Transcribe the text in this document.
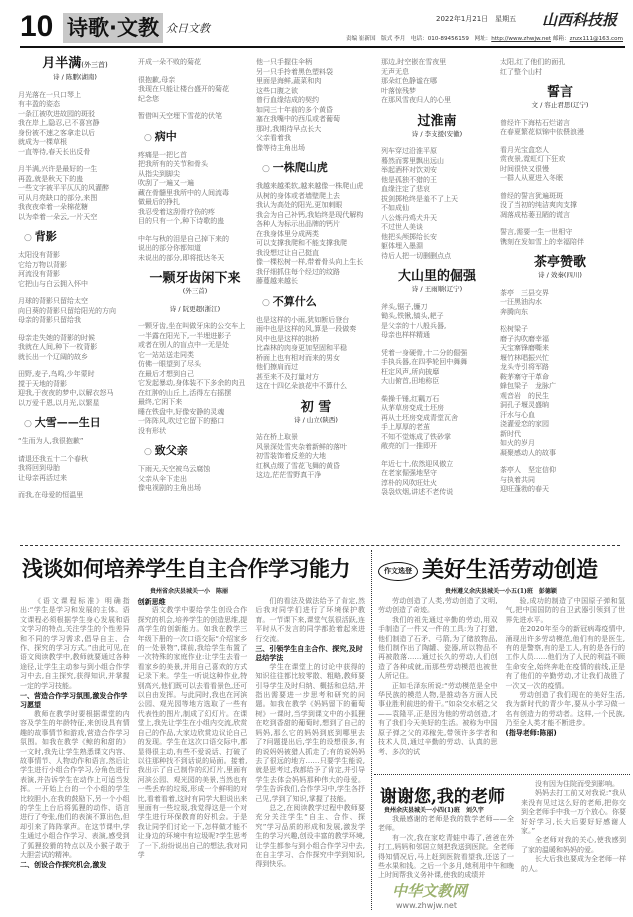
10 诗歌·文教 众日文教
2022年1月21日　星期五 山西科技报
责编 崔新国　版式 李月　电话：010-89456159　网址：http://www.zhwjw.net 邮箱：znzx111@163.com

月半满(外三首)

诗 / 陈鹏(湖南)

月光落在一只口琴上
有丰盈的姿态
一条江被吹进故园的斑驳
我在岸上,隐忍,已不喜宫静
身份被不速之客拿走以后
就成为一棵草根
一直等待,春天长出反骨

月半满,兴许是最好的一生
再盈,就是秋天下的蛊
一些文字被平平仄仄的风灌醉
可从月亮缺口的部分,来图
我夜夜牵着一朵棉花糖
以为牵着一朵云,一片天空

○ 背影

太阳没有背影
它给万物以背影
河流没有背影
它把山与白云拥入怀中

月球的背影只留给太空
向日葵的背影只留给阳光的方向
母亲的背影只留给我

母亲走失她的背影的时候
我就在人间,种下一枚背影
就长出一个辽阔的故乡

田野,麦子,鸟鸣,少年蒙时
搅于天地的背影
迎我,于夜夜的梦中,以解衣怒马
以万爱千恩,以月光,以繁星

○ 大雪——生日

“生而为人,我很抱歉”

请退还我五十二个春秋
我将回到母胎
让母亲再活过来

而我,在母爱的恒温里

开成一朵不败的菊花

很抱歉,母亲
我现在只能让楼台盛开的菊花
纪念您

暂借叫天空埋下雪花的伏笔

○ 病中

疼痛是一把匕首
把我所有的关节和骨头
从指尖到脚尖
吹刮了一遍又一遍
藏在骨髓里我所中的人间流毒
做最后的挣扎
我忍受着这刮骨疗伤的疼
目的只有一个,种下诗歌的蛊

中年与秋的泪是自己掉下来的
说出的部分你都知道
未说出的部分,即将抵达冬天

一颗牙齿闲下来

(外三首)

诗 / 阮更超(浙江)

一颗牙齿,坐在叫做牙床的公交车上
一半露在阳光下,一半埋进影子
或者在别人的盲点中一无是处
它一站站送走同类
仿佛一眼望到了尽头
在最后才想到自己
它发起暴动,身体装不下多余的肉丑
在红肿的山丘上,活得左右摇摆
最终,它闲下来
睡在铁盘中,好像安静的灵魂
一阵阵风,吹过它留下的豁口
没有形状

○ 致父亲

下雨天,天空被乌云腐蚀
父亲从伞下走出
像电视剧的主角出场

他一只手握住伞柄
另一只手拎着黑色塑料袋
里面是海鲜,蔬菜和肉
这些口腹之欲
曾行血缘结成的契约
如同三十年前的多个黄昏
塞在我嘴中的西瓜或者葡萄
那时,我期待早点长大
父亲看着我
像等待主角出场

○ 一株爬山虎

我越来越柔软,越来越像一株爬山虎
从树的身体或者墙壁爬上去
我认为高处的阳光,更加刺眼
我会为自己补钙,我始终是现代解构
各种人为标示出品牌的钙片
在我身体里分成两类
可以支撑我爬和不能支撑我爬
我没想过让自己挺直
像一棵松树一样,带着骨头向上生长
我仔细抓住每个经过的纹路
藤蔓越来越长

○ 不算什么

也是这样的小雨,犹如断后登台
雨中也是这样的风,算是一段做奏
风中也是这样的拱桥
比森林的肉身更加坚固和平稳
桥面上也有相对而来的男女
他们擦肩而过
甚至来不及打量对方
这在十四亿朵浪花中不算什么

初 雪

诗 / 山立(陕西)

站在桥上取景
风景深处雪夹杂着新鲜的落叶
初雪装饰着反差的大地
红枫点缀了雪花飞舞的黄昏
这边,茫茫雪野真干净

那边,时空嵌在雪夜里
无声无息
那朵红色静谧在哪
叶落惊残梦
在那风雪夜归人的心里

过淮南

诗 / 李支援(安徽)

列车穿过沿淮平原
蓦然而雾里飘出远山
举起酒杯对饮刘安
他是孤独不猎的王
血缘注定了悲哀
拔剑掷枪终是羞不了上天
不如成仙
八公炼丹鸡犬升天
不过世人美谈
他把头颅掷给长安
躯体埋入墨淵
待后人把一切删删点点

大山里的倔强

诗 / 王雨顺(辽宁)

斧头,锯子,镰刀
锄头,铁锹,镐头,耙子
是父亲的十八般兵器,
母亲也样样精通

凭着一身硬骨,十二分的倔强
手执兵器,在四季轮回中舞舞
枉定风声,所向披靡
大山俯首,田地称臣

柴操千锤,红瓤万石
从茅草房变成土坯房
再从土坯房变成青堂瓦舍
手上厚厚的老茧
不知不觉炼成了铁砂掌
敞亮的门一推即开

年近七十,依然迎风傲立
在老家倔强地坚守
淳朴的风吹旺灶火
袅袅炊烟,讲述不老传说

太阳,红了他们的面孔
红了整个山村

誓言

文 / 容止君思(辽宁)

曾经许下海枯石烂诺言
在春夏繁花似锦中依偎浪漫

看月光宝盒恋人
赏夜景,霓虹灯下狂欢
时间很快又很慢
一群人从夏进入冬眠

曾经的誓言犹遍斑斑
没了当初的纯洁爽肉支撑
凋落成枯萎丑陋的谎言

誓言,需要一生一世相守
镌刻在发如雪上的幸福陪伴

茶亭赞歌

诗 / 效秦(四川)

茶亭　三县交界
一汪黑油沟水
奔腾向东

松树梁子
磨子沟吹磨幸福
天宝寨锋磨嘶来
堰竹林唱振兴忙
龙头寺引将军路
鞍茅寨守干革命
蜂包梁子　龙脉广
观音岩　的民生
洞孔子堰灵盛晌
汗水与心血
浇灌爱恋的家园
新时代
如火的岁月
凝聚感动人的故事

茶亭人　坚定信仰
与执着共同
迎旺蓬勃的春天

浅谈如何培养学生自主合作学习能力
贵州省余庆县城关一小　陈丽

《语文课程标准》明确指出:“学生是学习和发展的主体。语文课程必须根据学生身心发展和语文学习的特点,关注学生的个性差异和不同的学习需求,倡导自主、合作、探究的学习方式。”由此可见,在语文阅读教学中,教师就要通过各种途径,让学生主动参与到小组合作学习中去,自主探究,获得知识,并掌握一定的学习技能。

一、营造合作学习氛围,激发合作学习愿望

教师在教学时要根据课堂的内容及学生的年龄特征,来创设具有情趣的故事情节和游戏,营造合作学习氛围。如我在教学《鲸的和甜的》一文时,我先让学生熟悉课文内容、故事情节、人物动作和语言,然后让学生进行小组合作学习,分角色进行表演,并告诉学生在动作上可适当发挥。一开始上台的一个小组的学生比较胆小,在我的鼓励下,另一个小组的学生上台后将狐狸的动作、语言进行了夸张,他们的表演不算出色,但却引来了阵阵掌声。在这节课中,学生通过小组合作学习、表演,感受到了狐狸狡猾的特点以及小猴子敢于大胆尝试的精神。

二、创设合作探究机会,激发
创新思维

语文教学中要给学生创设合作探究的机会,培养学生的创造思维,提高学生的创新能力。如我在教学三年级下册的一次口语交际“介绍家乡的一处景物”,课前,我给学生布置了一次特殊的家庭作业:让学生去看一看家乡的美景,并用自己喜欢的方式记录下来。学生一听说这种作业,特别高兴,他们既可以去看看景色,还可以自由发挥。与此同时,我也在河滨公园、观光园等地方选取了一些有代表性的图片,制成了幻灯片。在课堂上,我先让学生在小组内交流,欣赏自己的作品,大家边欣赏边议论自己的发现。学生在这次口语交际中,都显得很主动,有些不爱说话、打破了以往那种找不到话说的局面。接着,我出示了自己制作的幻灯片,里面有河滨公园、观光园的美景,当然也有一些丢弃的垃圾,形成一个鲜明的对比,看着看着,这时有同学大胆说出来里面有一些垃圾,我觉得这是一个对学生进行环保教育的好机会。于是我让同学们讨论一下,怎样做才能不让身边的环境中有垃圾呢?学生思考了一下,纷纷说出自己的想法,我对同学

们的看法及做法给予了肯定,然后我对同学们进行了环境保护教育。一节课下来,课堂气氛很活跃,连平时从不发言的同学都抢着起来进行交流。

三、引领学生自主合作、探究,及时总结学法

学生在课堂上的讨论中获得的知识往往都比较零散、粗略,教师要引导学生及时归纳、概括和总结,并指出需要进一步思考和研究的问题。如我在教学《妈妈留下的葡萄树》一课时,当学到课文中的小狐狸在吃到香甜的葡萄时,想到了自己的妈妈,那么它的妈妈到底到哪里去了?问题提出后,学生的设想很多,有的说妈妈被猎人抓走了;有的说妈妈去了很远的地方……只要学生能说,就是思考过,我都给予了肯定,并引导学生去体会妈妈那种伟大的母爱。学生告诉我们,合作学习中,学生各抒己见,学到了知识,掌握了技能。

总之,在阅读教学过程中教师要充分关注学生“自主、合作、探究”学习品质的形成和发展,激发学生的学习兴趣,创设丰富的教学环境,让学生都参与到小组合作学习中去,在自主学习、合作探究中学到知识,得到快乐。

作文选登 美好生活劳动创造
贵州遵义余庆县城关一小五(1)班　彭德颖

劳动创造了人类,劳动创造了文明,劳动创造了奇迹。

我们的祖先通过辛勤的劳动,用双手制造了一件又一件的工具:为了打猎,他们制造了石矛、弓箭,为了储放物品,他们制作出了陶罐、瓷器,所以物品不再被散落……通过长久的劳动,人们创造了各种成就,而那些劳动模范也被世人所记住。

正如毛泽东所说:“劳动模范是全中华民族的模范人物,是推动各方面人民事业胜利前进的骨干。”如杂交水稻之父——袁隆平,正是因为他的劳动创造,才有了我们今天美好的生活。被称为中国原子弹之父的邓稼先,带领许多学者和技术人员,通过辛勤的劳动、认真的思考、多次的试

验,成功的制造了中国原子弹和氢气,把中国国防的自卫武器引领到了世界先进水平。

在2020年至今的新冠病毒疫情中,涌现出许多劳动模范,他们有的是医生,有的是警察,有的是工人,有的是各行的工作人员……他们为了人民的利益不顾生命安全,始终奔赴在疫情的前线,正是有了他们的辛勤劳动,才让我们战胜了一次又一次的疫情。

劳动创造了我们现在的美好生活,我为新时代的青少年,要从小学习做一名有创造力的劳动者。这样,一个民族,乃至全人类才能不断进步。

(指导老师:陈丽)

谢谢您,我的老师
贵州余庆县城关一小四(1)班　刘久宇

我最感谢的老师是我的数学老师——全老师。

有一次,我在家吃青蛙中毒了,爸爸在外打工,妈妈和邻居立刻把我送到医院。全老师得知情况后,马上赶到医院看望我,还送了一些水果和钱。之后一个多月,她利用中午和晚上时间帮我义务补课,使我的成绩并

没有因为住院而受到影响。

妈妈去打工前又对我说:“我从来没有见过这么好的老师,把你交到全老师手中我一万个放心。你要好好学习,长大后要好好感谢人家。”

全老师对我的关心,使我感到了家的温暖和妈妈的爱。

长大后我也要成为全老师一样的人。

中华文教网
www.zhwjw.net
